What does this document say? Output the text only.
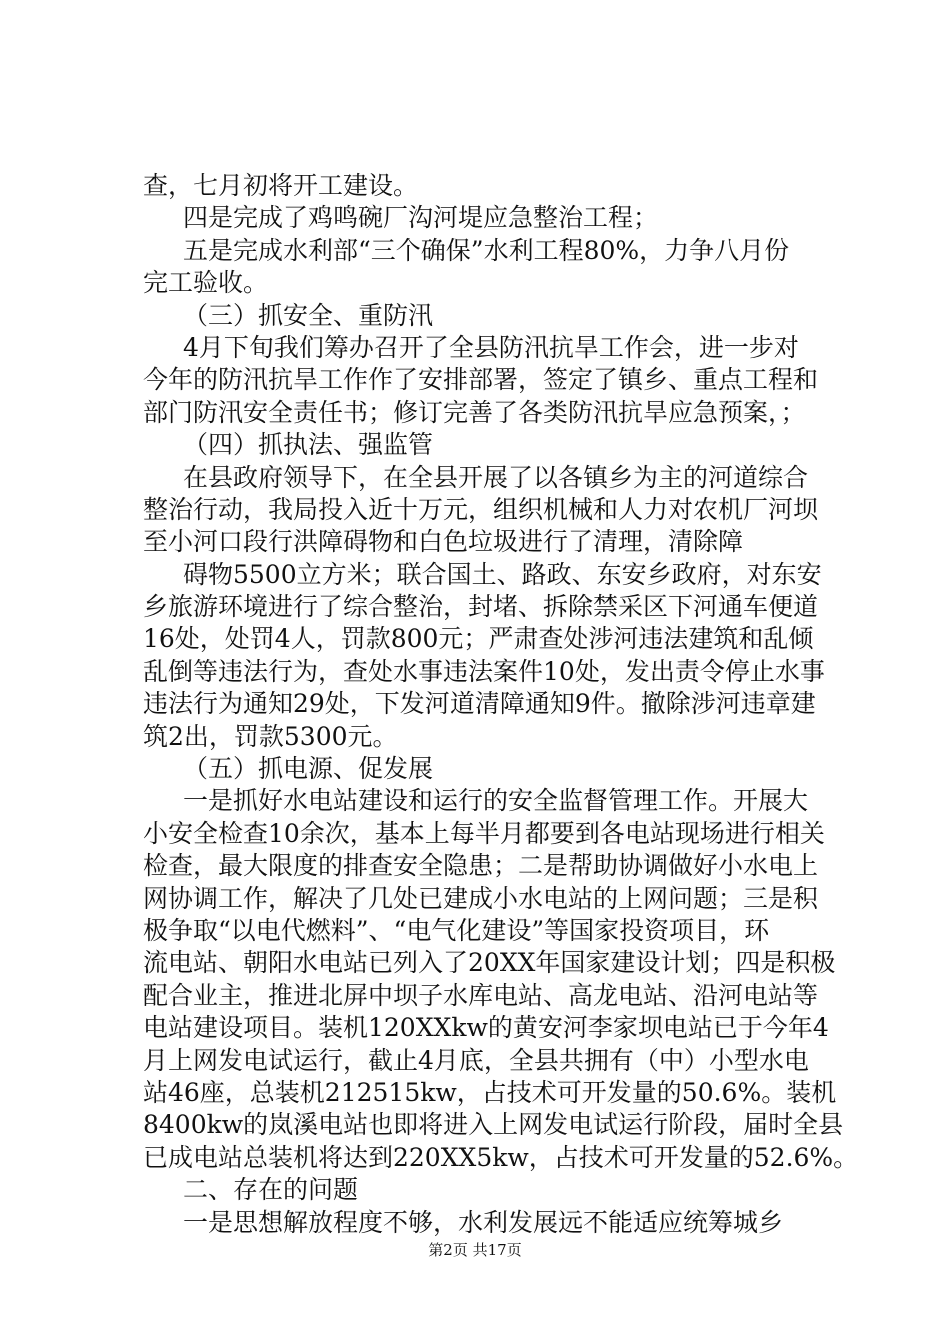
查，七月初将开工建设。
四是完成了鸡鸣碗厂沟河堤应急整治工程；
五是完成水利部“三个确保”水利工程80%，力争八月份
完工验收。
（三）抓安全、重防汛
4月下旬我们筹办召开了全县防汛抗旱工作会，进一步对
今年的防汛抗旱工作作了安排部署，签定了镇乡、重点工程和
部门防汛安全责任书；修订完善了各类防汛抗旱应急预案，；
（四）抓执法、强监管
在县政府领导下，在全县开展了以各镇乡为主的河道综合
整治行动，我局投入近十万元，组织机械和人力对农机厂河坝
至小河口段行洪障碍物和白色垃圾进行了清理，清除障
碍物5500立方米；联合国土、路政、东安乡政府，对东安
乡旅游环境进行了综合整治，封堵、拆除禁采区下河通车便道
16处，处罚4人，罚款800元；严肃查处涉河违法建筑和乱倾
乱倒等违法行为，查处水事违法案件10处，发出责令停止水事
违法行为通知29处，下发河道清障通知9件。撤除涉河违章建
筑2出，罚款5300元。
（五）抓电源、促发展
一是抓好水电站建设和运行的安全监督管理工作。开展大
小安全检查10余次，基本上每半月都要到各电站现场进行相关
检查，最大限度的排查安全隐患；二是帮助协调做好小水电上
网协调工作，解决了几处已建成小水电站的上网问题；三是积
极争取“以电代燃料”、“电气化建设”等国家投资项目，环
流电站、朝阳水电站已列入了20XX年国家建设计划；四是积极
配合业主，推进北屏中坝子水库电站、高龙电站、沿河电站等
电站建设项目。装机120XXkw的黄安河李家坝电站已于今年4
月上网发电试运行，截止4月底，全县共拥有（中）小型水电
站46座，总装机212515kw，占技术可开发量的50.6%。装机
8400kw的岚溪电站也即将进入上网发电试运行阶段，届时全县
已成电站总装机将达到220XX5kw，占技术可开发量的52.6%。
二、存在的问题
一是思想解放程度不够，水利发展远不能适应统筹城乡
第2页 共17页
